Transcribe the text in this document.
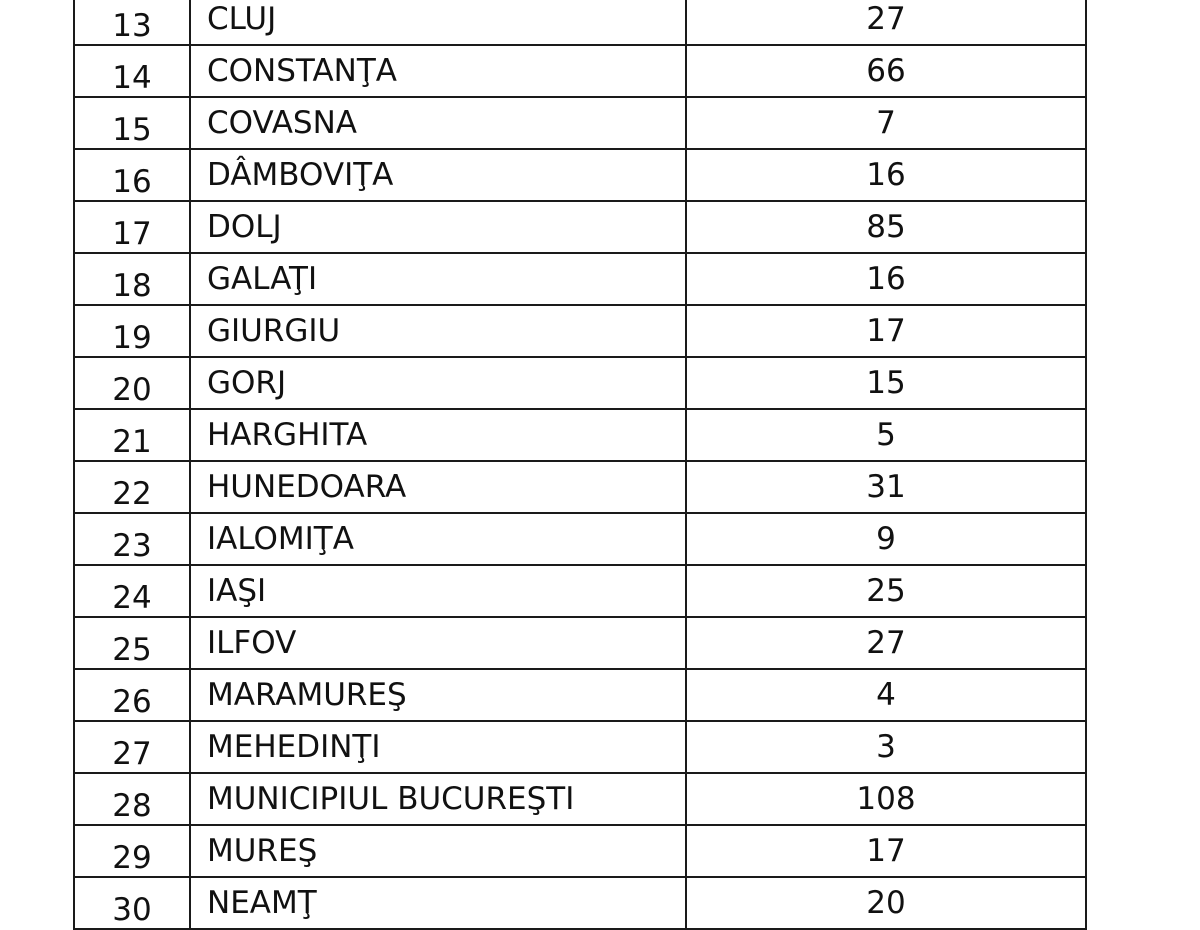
13	CLUJ	27
14	CONSTANŢA	66
15	COVASNA	7
16	DÂMBOVIŢA	16
17	DOLJ	85
18	GALAŢI	16
19	GIURGIU	17
20	GORJ	15
21	HARGHITA	5
22	HUNEDOARA	31
23	IALOMIŢA	9
24	IAŞI	25
25	ILFOV	27
26	MARAMUREŞ	4
27	MEHEDINŢI	3
28	MUNICIPIUL BUCUREŞTI	108
29	MUREŞ	17
30	NEAMŢ	20
